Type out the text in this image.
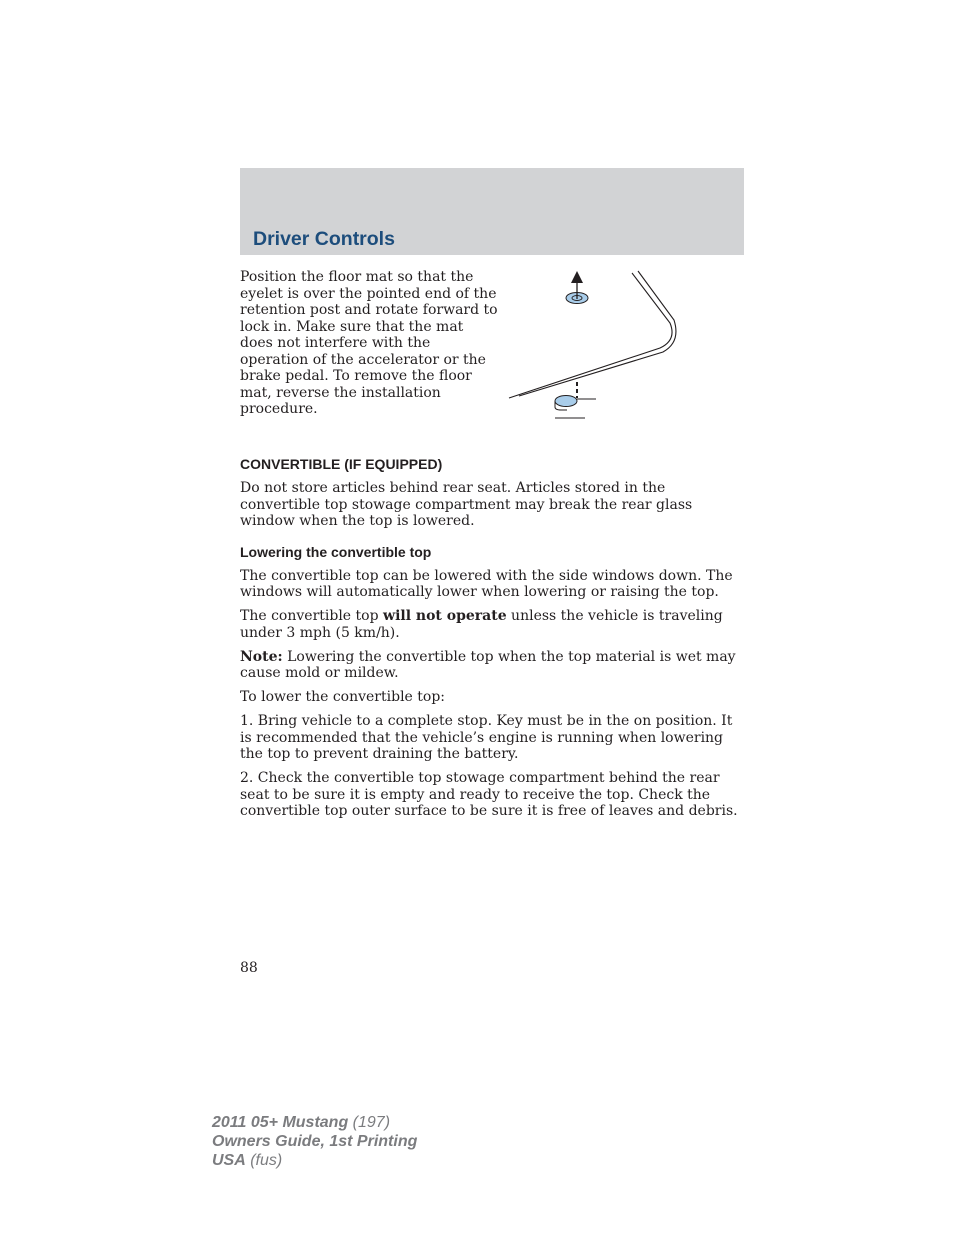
Driver Controls

Position the floor mat so that the eyelet is over the pointed end of the retention post and rotate forward to lock in. Make sure that the mat does not interfere with the operation of the accelerator or the brake pedal. To remove the floor mat, reverse the installation procedure.

CONVERTIBLE (IF EQUIPPED)

Do not store articles behind rear seat. Articles stored in the convertible top stowage compartment may break the rear glass window when the top is lowered.

Lowering the convertible top

The convertible top can be lowered with the side windows down. The windows will automatically lower when lowering or raising the top.

The convertible top will not operate unless the vehicle is traveling under 3 mph (5 km/h).

Note: Lowering the convertible top when the top material is wet may cause mold or mildew.

To lower the convertible top:

1. Bring vehicle to a complete stop. Key must be in the on position. It is recommended that the vehicle’s engine is running when lowering the top to prevent draining the battery.

2. Check the convertible top stowage compartment behind the rear seat to be sure it is empty and ready to receive the top. Check the convertible top outer surface to be sure it is free of leaves and debris.

88

2011 05+ Mustang (197)
Owners Guide, 1st Printing
USA (fus)
